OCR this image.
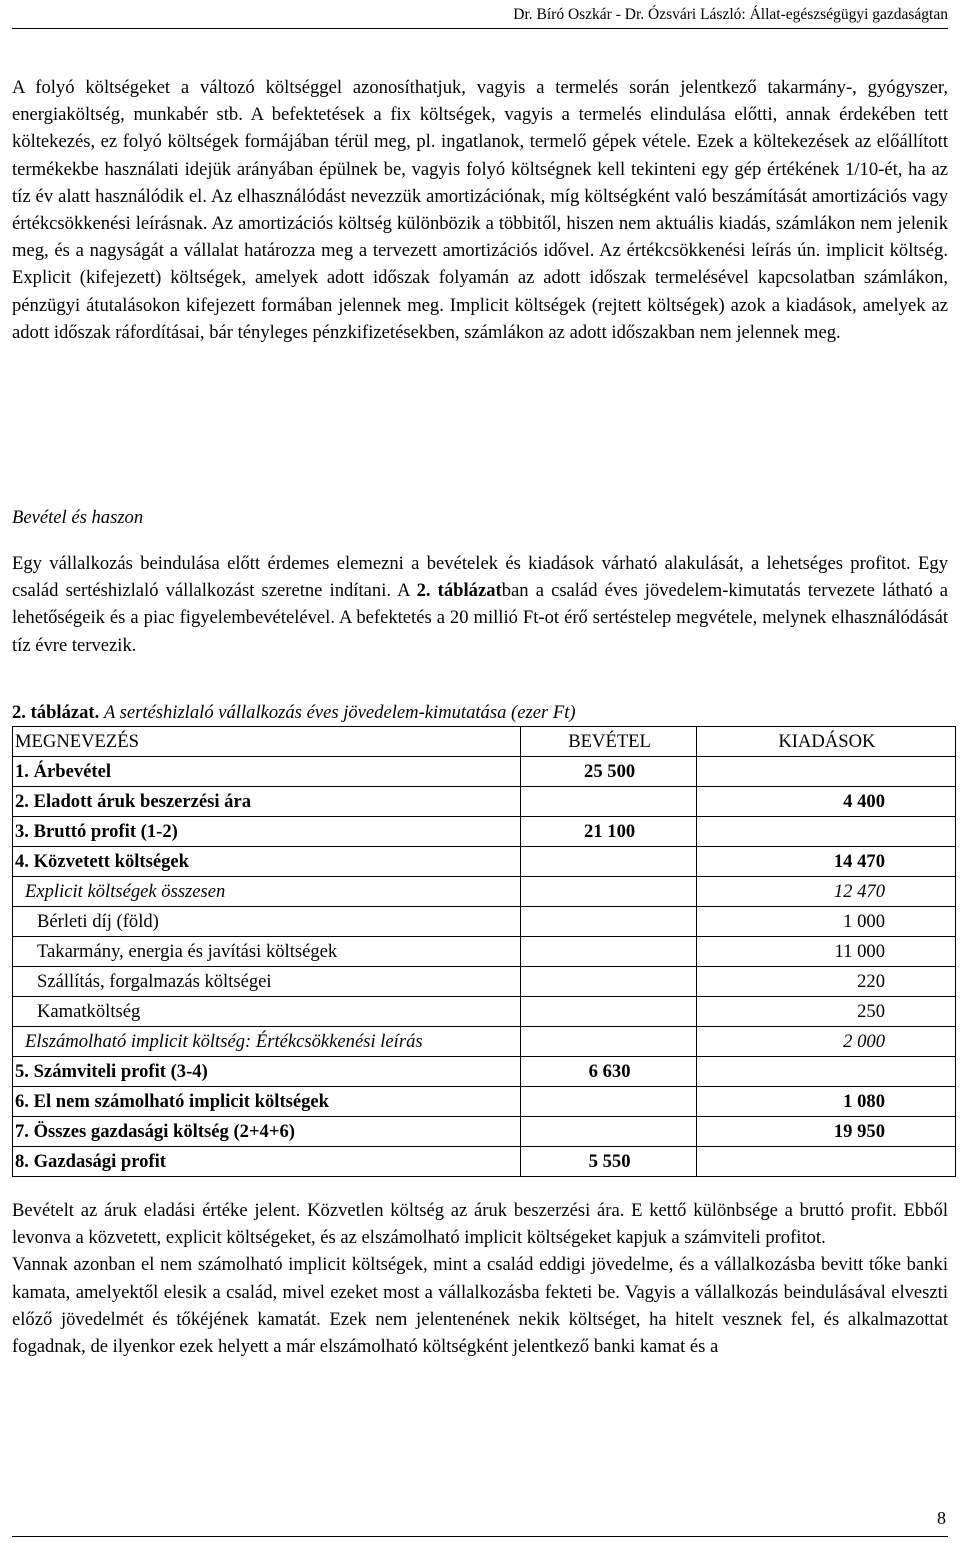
Dr. Bíró Oszkár - Dr. Ózsvári László: Állat-egészségügyi gazdaságtan

A folyó költségeket a változó költséggel azonosíthatjuk, vagyis a termelés során jelentkező takarmány-, gyógyszer, energiaköltség, munkabér stb. A befektetések a fix költségek, vagyis a termelés elindulása előtti, annak érdekében tett költekezés, ez folyó költségek formájában térül meg, pl. ingatlanok, termelő gépek vétele. Ezek a költekezések az előállított termékekbe használati idejük arányában épülnek be, vagyis folyó költségnek kell tekinteni egy gép értékének 1/10-ét, ha az tíz év alatt használódik el. Az elhasználódást nevezzük amortizációnak, míg költségként való beszámítását amortizációs vagy értékcsökkenési leírásnak. Az amortizációs költség különbözik a többitől, hiszen nem aktuális kiadás, számlákon nem jelenik meg, és a nagyságát a vállalat határozza meg a tervezett amortizációs idővel. Az értékcsökkenési leírás ún. implicit költség. Explicit (kifejezett) költségek, amelyek adott időszak folyamán az adott időszak termelésével kapcsolatban számlákon, pénzügyi átutalásokon kifejezett formában jelennek meg. Implicit költségek (rejtett költségek) azok a kiadások, amelyek az adott időszak ráfordításai, bár tényleges pénzkifizetésekben, számlákon az adott időszakban nem jelennek meg.

Bevétel és haszon

Egy vállalkozás beindulása előtt érdemes elemezni a bevételek és kiadások várható alakulását, a lehetséges profitot. Egy család sertéshizlaló vállalkozást szeretne indítani. A 2. táblázatban a család éves jövedelem-kimutatás tervezete látható a lehetőségeik és a piac figyelembevételével. A befektetés a 20 millió Ft-ot érő sertéstelep megvétele, melynek elhasználódását tíz évre tervezik.

2. táblázat. A sertéshizlaló vállalkozás éves jövedelem-kimutatása (ezer Ft)
MEGNEVEZÉS	BEVÉTEL	KIADÁSOK
1. Árbevétel	25 500	
2. Eladott áruk beszerzési ára		4 400
3. Bruttó profit (1-2)	21 100	
4. Közvetett költségek		14 470
Explicit költségek összesen		12 470
Bérleti díj (föld)		1 000
Takarmány, energia és javítási költségek		11 000
Szállítás, forgalmazás költségei		220
Kamatköltség		250
Elszámolható implicit költség: Értékcsökkenési leírás		2 000
5. Számviteli profit (3-4)	6 630	
6. El nem számolható implicit költségek		1 080
7. Összes gazdasági költség (2+4+6)		19 950
8. Gazdasági profit	5 550	

Bevételt az áruk eladási értéke jelent. Közvetlen költség az áruk beszerzési ára. E kettő különbsége a bruttó profit. Ebből levonva a közvetett, explicit költségeket, és az elszámolható implicit költségeket kapjuk a számviteli profitot.

Vannak azonban el nem számolható implicit költségek, mint a család eddigi jövedelme, és a vállalkozásba bevitt tőke banki kamata, amelyektől elesik a család, mivel ezeket most a vállalkozásba fekteti be. Vagyis a vállalkozás beindulásával elveszti előző jövedelmét és tőkéjének kamatát. Ezek nem jelentenének nekik költséget, ha hitelt vesznek fel, és alkalmazottat fogadnak, de ilyenkor ezek helyett a már elszámolható költségként jelentkező banki kamat és a

8
